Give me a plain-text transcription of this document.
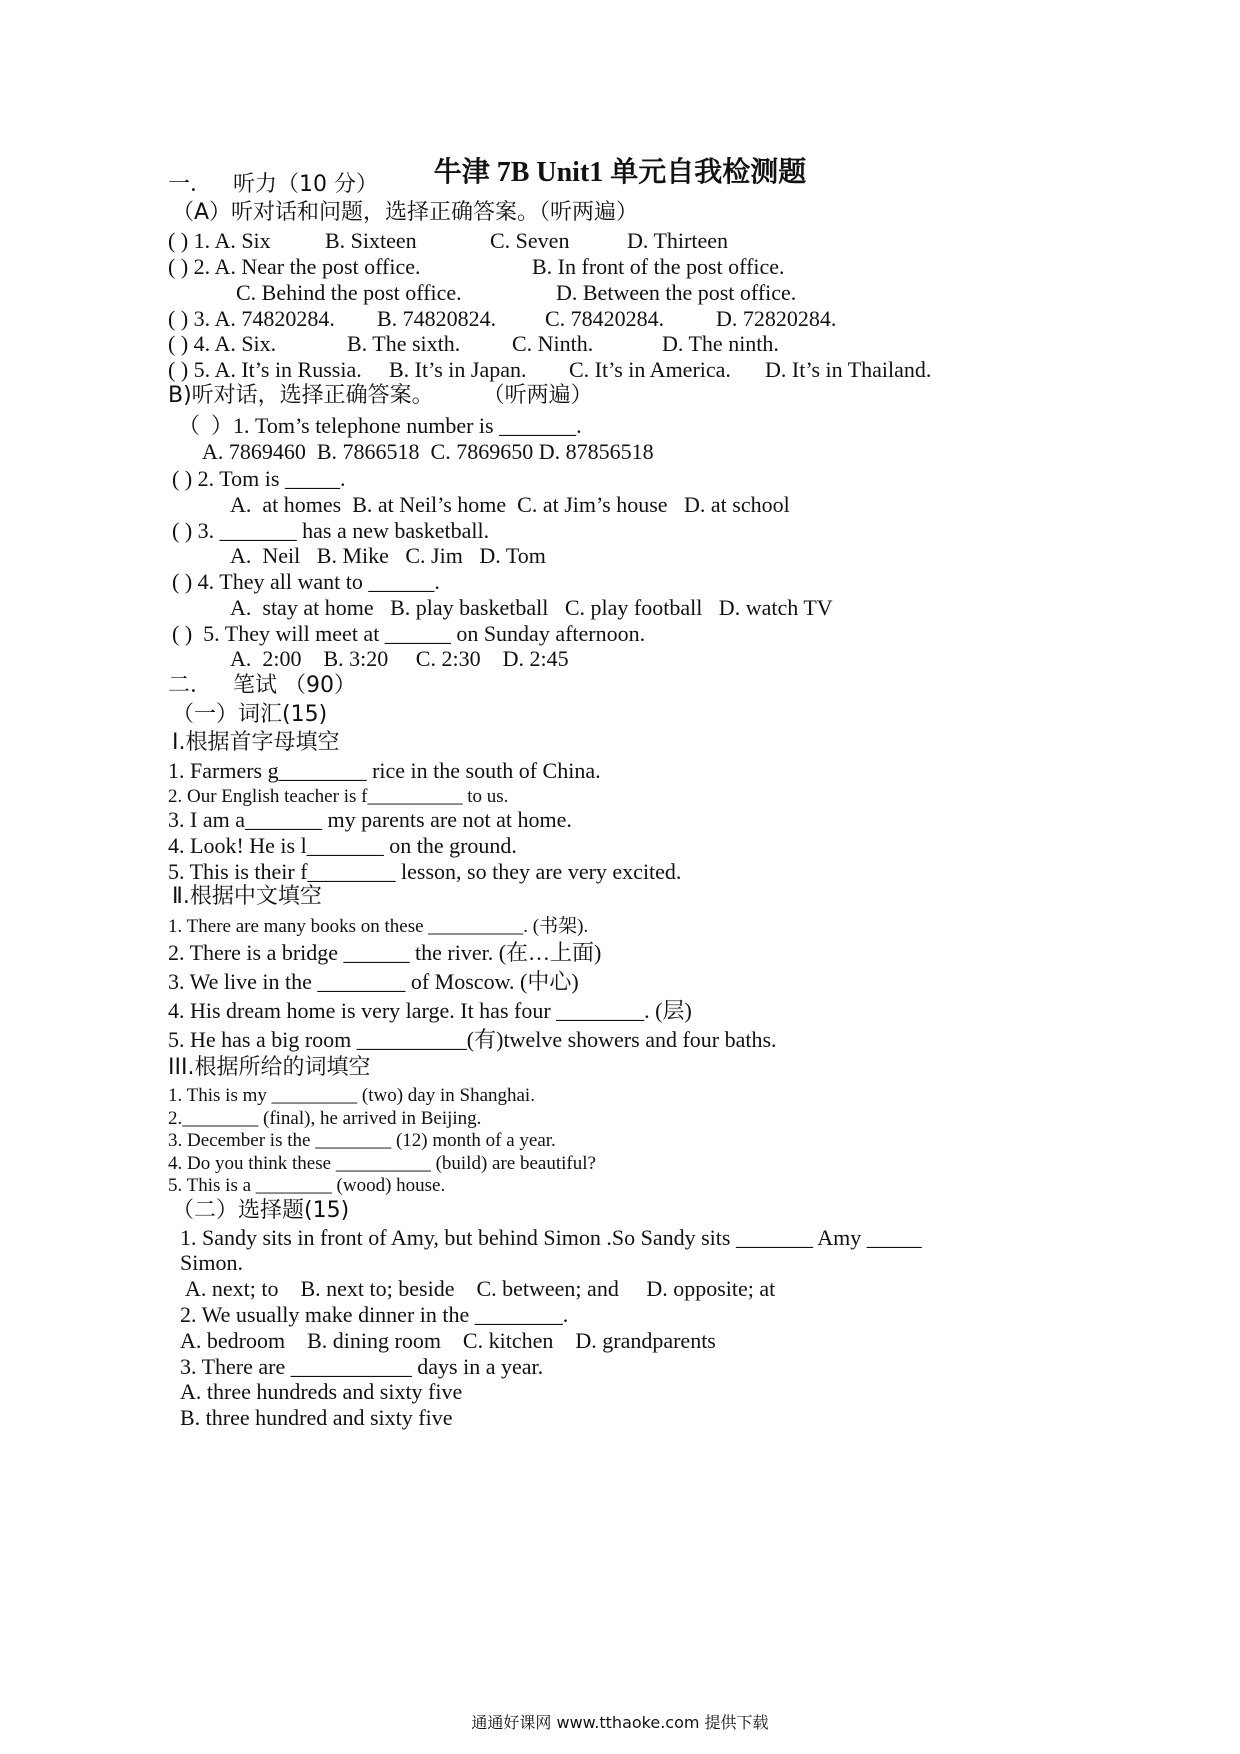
牛津 7B Unit1 单元自我检测题
一．   听力（10 分）
（A）听对话和问题，选择正确答案。（听两遍）
( ) 1. A. Six B. Sixteen	C. Seven	D. Thirteen
( ) 2. A. Near the post office.	B. In front of the post office.
C. Behind the post office.	D. Between the post office.
( ) 3. A. 74820284. B. 74820824. C. 78420284. D. 72820284.
( ) 4. A. Six.	B. The sixth. C. Ninth.	D. The ninth.
( ) 5. A. It’s in Russia. B. It’s in Japan. C. It’s in America. D. It’s in Thailand.
B)听对话，选择正确答案。       （听两遍）
（  ）1. Tom’s telephone number is _______.
A. 7869460  B. 7866518  C. 7869650 D. 87856518
( ) 2. Tom is _____.
A.  at homes  B. at Neil’s home  C. at Jim’s house   D. at school
( ) 3. _______ has a new basketball.
A.  Neil   B. Mike   C. Jim   D. Tom
( ) 4. They all want to ______.
A.  stay at home   B. play basketball   C. play football   D. watch TV
( )  5. They will meet at ______ on Sunday afternoon.
A.  2:00    B. 3:20     C. 2:30    D. 2:45
二．   笔试 （90）
（一）词汇(15)
Ⅰ.根据首字母填空
1. Farmers g________ rice in the south of China.
2. Our English teacher is f__________ to us.
3. I am a_______ my parents are not at home.
4. Look! He is l_______ on the ground.
5. This is their f________ lesson, so they are very excited.
Ⅱ.根据中文填空
1. There are many books on these __________. (书架).
2. There is a bridge ______ the river. (在…上面)
3. We live in the ________ of Moscow. (中心)
4. His dream home is very large. It has four ________. (层)
5. He has a big room __________(有)twelve showers and four baths.
III.根据所给的词填空
1. This is my _________ (two) day in Shanghai.
2.________ (final), he arrived in Beijing.
3. December is the ________ (12) month of a year.
4. Do you think these __________ (build) are beautiful?
5. This is a ________ (wood) house.
（二）选择题(15)
1. Sandy sits in front of Amy, but behind Simon .So Sandy sits _______ Amy _____
Simon.
A. next; to    B. next to; beside    C. between; and     D. opposite; at
2. We usually make dinner in the ________.
A. bedroom    B. dining room    C. kitchen    D. grandparents
3. There are ___________ days in a year.
A. three hundreds and sixty five
B. three hundred and sixty five
通通好课网 www.tthaoke.com 提供下载
